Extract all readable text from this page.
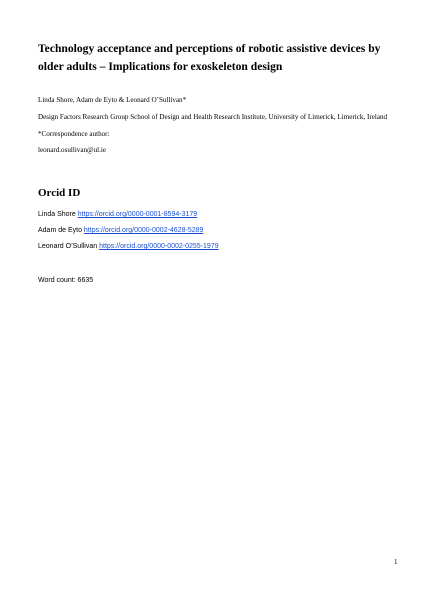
Technology acceptance and perceptions of robotic assistive devices by older adults – Implications for exoskeleton design

Linda Shore, Adam de Eyto & Leonard O’Sullivan*

Design Factors Research Group School of Design and Health Research Institute, University of Limerick, Limerick, Ireland

*Correspondence author:

leonard.osullivan@ul.ie

Orcid ID
Linda Shore https://orcid.org/0000-0001-8594-3179
Adam de Eyto https://orcid.org/0000-0002-4628-5289
Leonard O’Sullivan https://orcid.org/0000-0002-0255-1979
Word count: 6635
1
